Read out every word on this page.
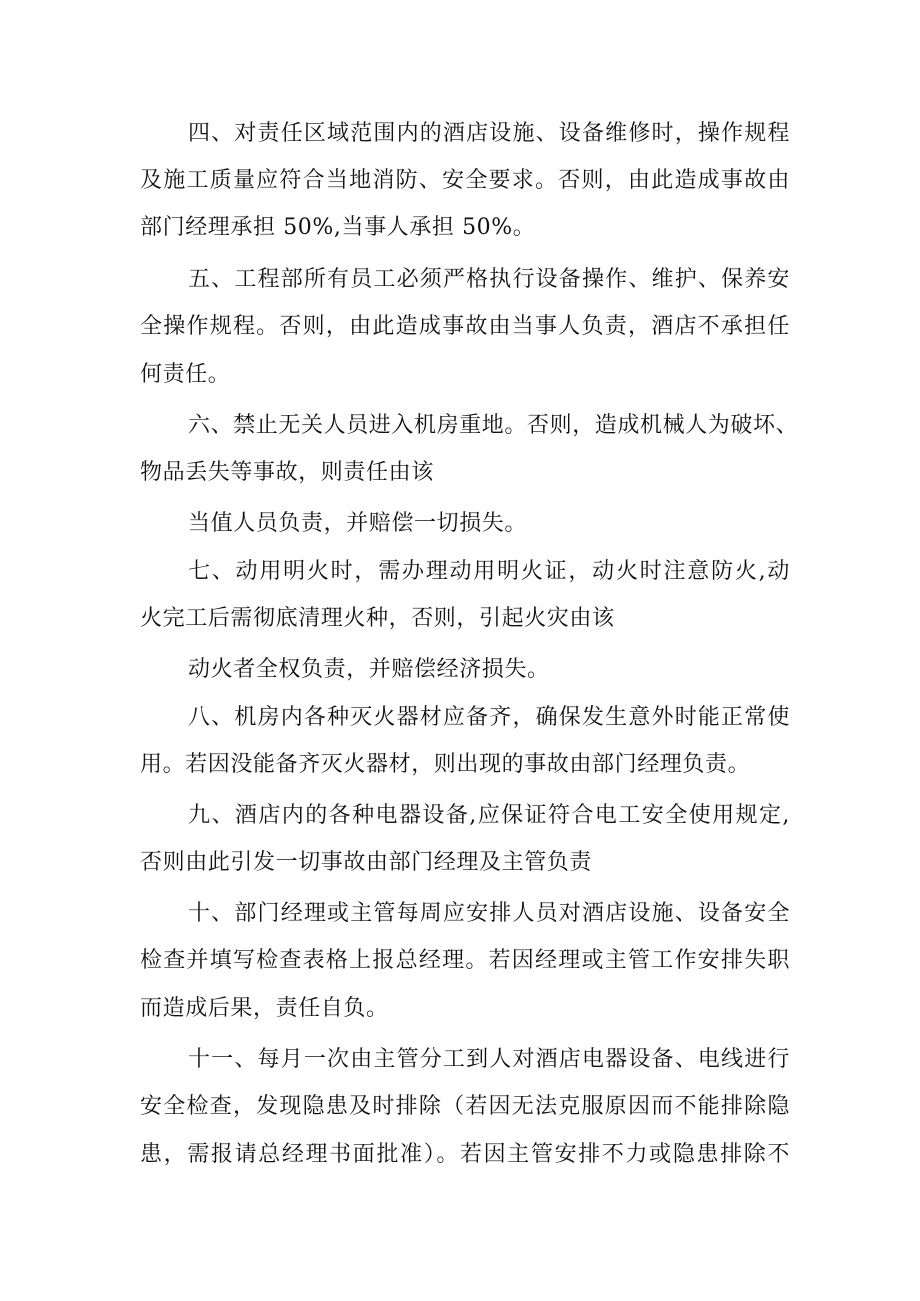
四、对责任区域范围内的酒店设施、设备维修时，操作规程
及施工质量应符合当地消防、安全要求。否则，由此造成事故由
部门经理承担 50%,当事人承担 50%。
五、工程部所有员工必须严格执行设备操作、维护、保养安
全操作规程。否则，由此造成事故由当事人负责，酒店不承担任
何责任。
六、禁止无关人员进入机房重地。否则，造成机械人为破坏、
物品丢失等事故，则责任由该
当值人员负责，并赔偿一切损失。
七、动用明火时，需办理动用明火证，动火时注意防火,动
火完工后需彻底清理火种，否则，引起火灾由该
动火者全权负责，并赔偿经济损失。
八、机房内各种灭火器材应备齐，确保发生意外时能正常使
用。若因没能备齐灭火器材，则出现的事故由部门经理负责。
九、酒店内的各种电器设备,应保证符合电工安全使用规定,
否则由此引发一切事故由部门经理及主管负责
十、部门经理或主管每周应安排人员对酒店设施、设备安全
检查并填写检查表格上报总经理。若因经理或主管工作安排失职
而造成后果，责任自负。
十一、每月一次由主管分工到人对酒店电器设备、电线进行
安全检查，发现隐患及时排除（若因无法克服原因而不能排除隐
患，需报请总经理书面批准）。若因主管安排不力或隐患排除不
